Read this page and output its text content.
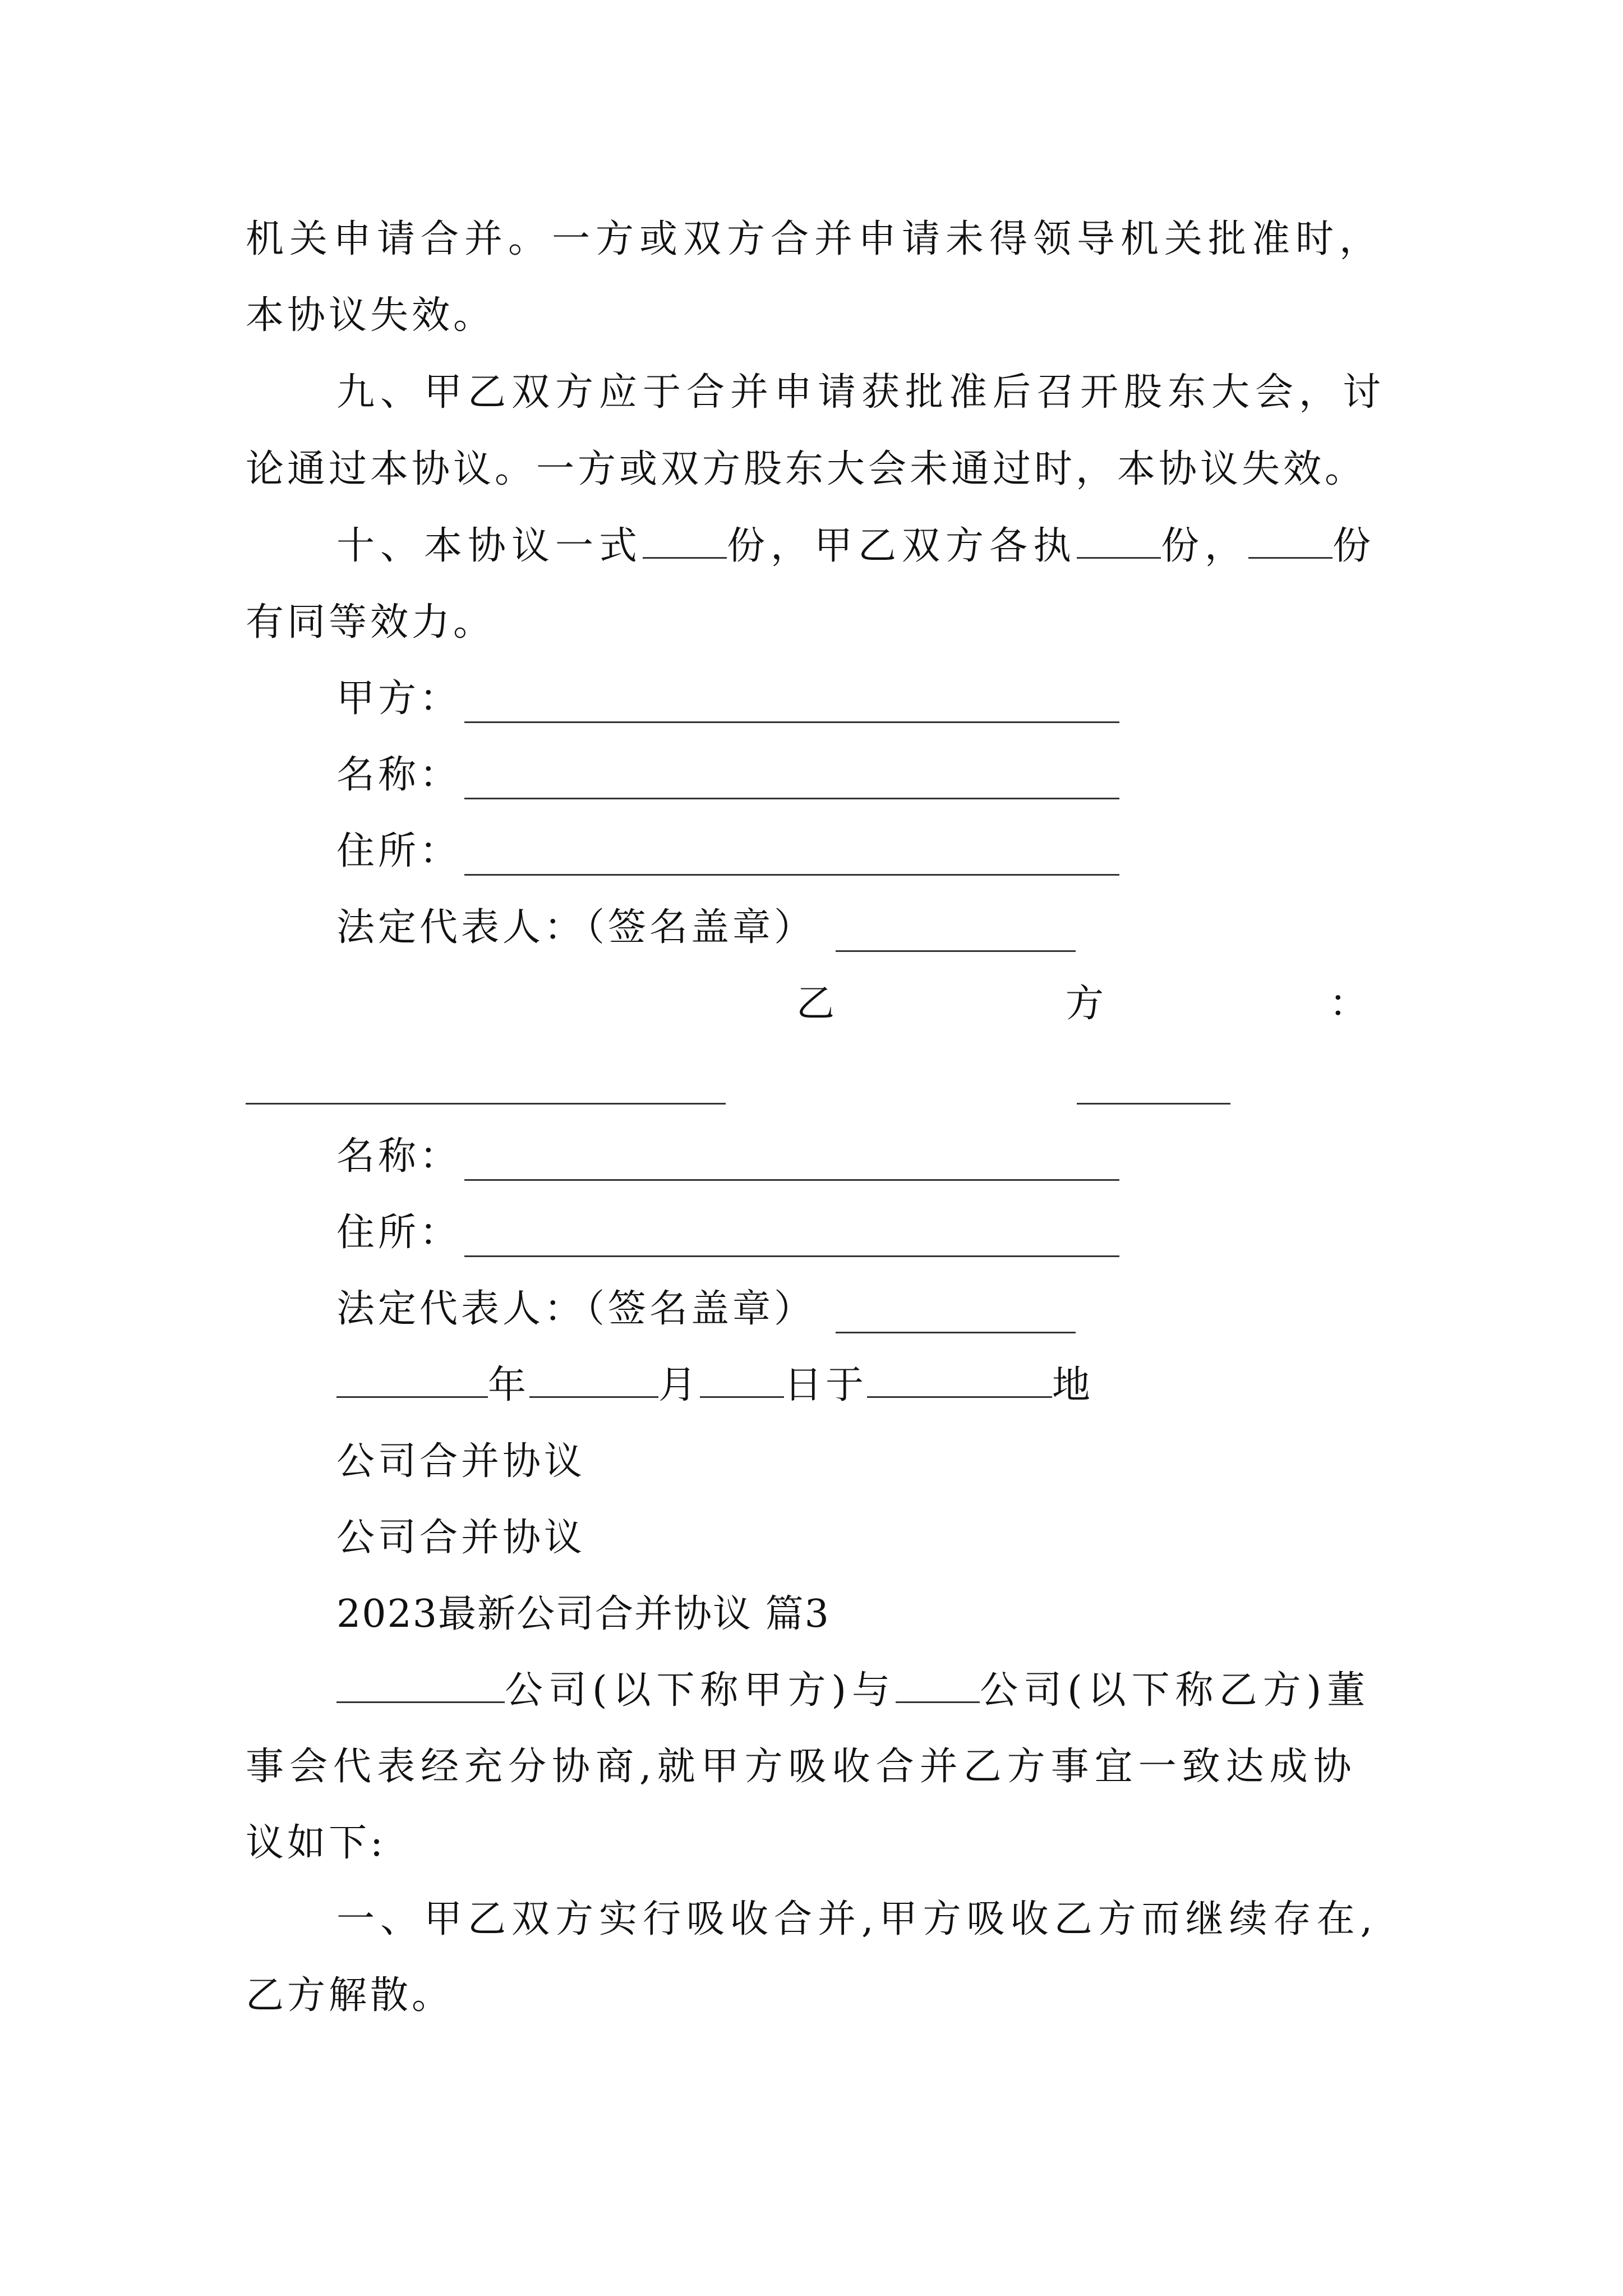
机关申请合并。一方或双方合并申请未得领导机关批准时，
本协议失效。
九、甲乙双方应于合并申请获批准后召开股东大会，讨
论通过本协议。一方或双方股东大会未通过时，本协议失效。
十、本协议一式 份，甲乙双方各执 份， 份
有同等效力。
甲方：
名称：
住所：
法定代表人：（签名盖章）
乙	方	：
名称：
住所：
法定代表人：（签名盖章）
年	月 日于	地
公司合并协议
公司合并协议
2023最新公司合并协议 篇3
公司(以下称甲方)与 公司(以下称乙方)董
事会代表经充分协商,就甲方吸收合并乙方事宜一致达成协
议如下:
一、甲乙双方实行吸收合并,甲方吸收乙方而继续存在,
乙方解散。
